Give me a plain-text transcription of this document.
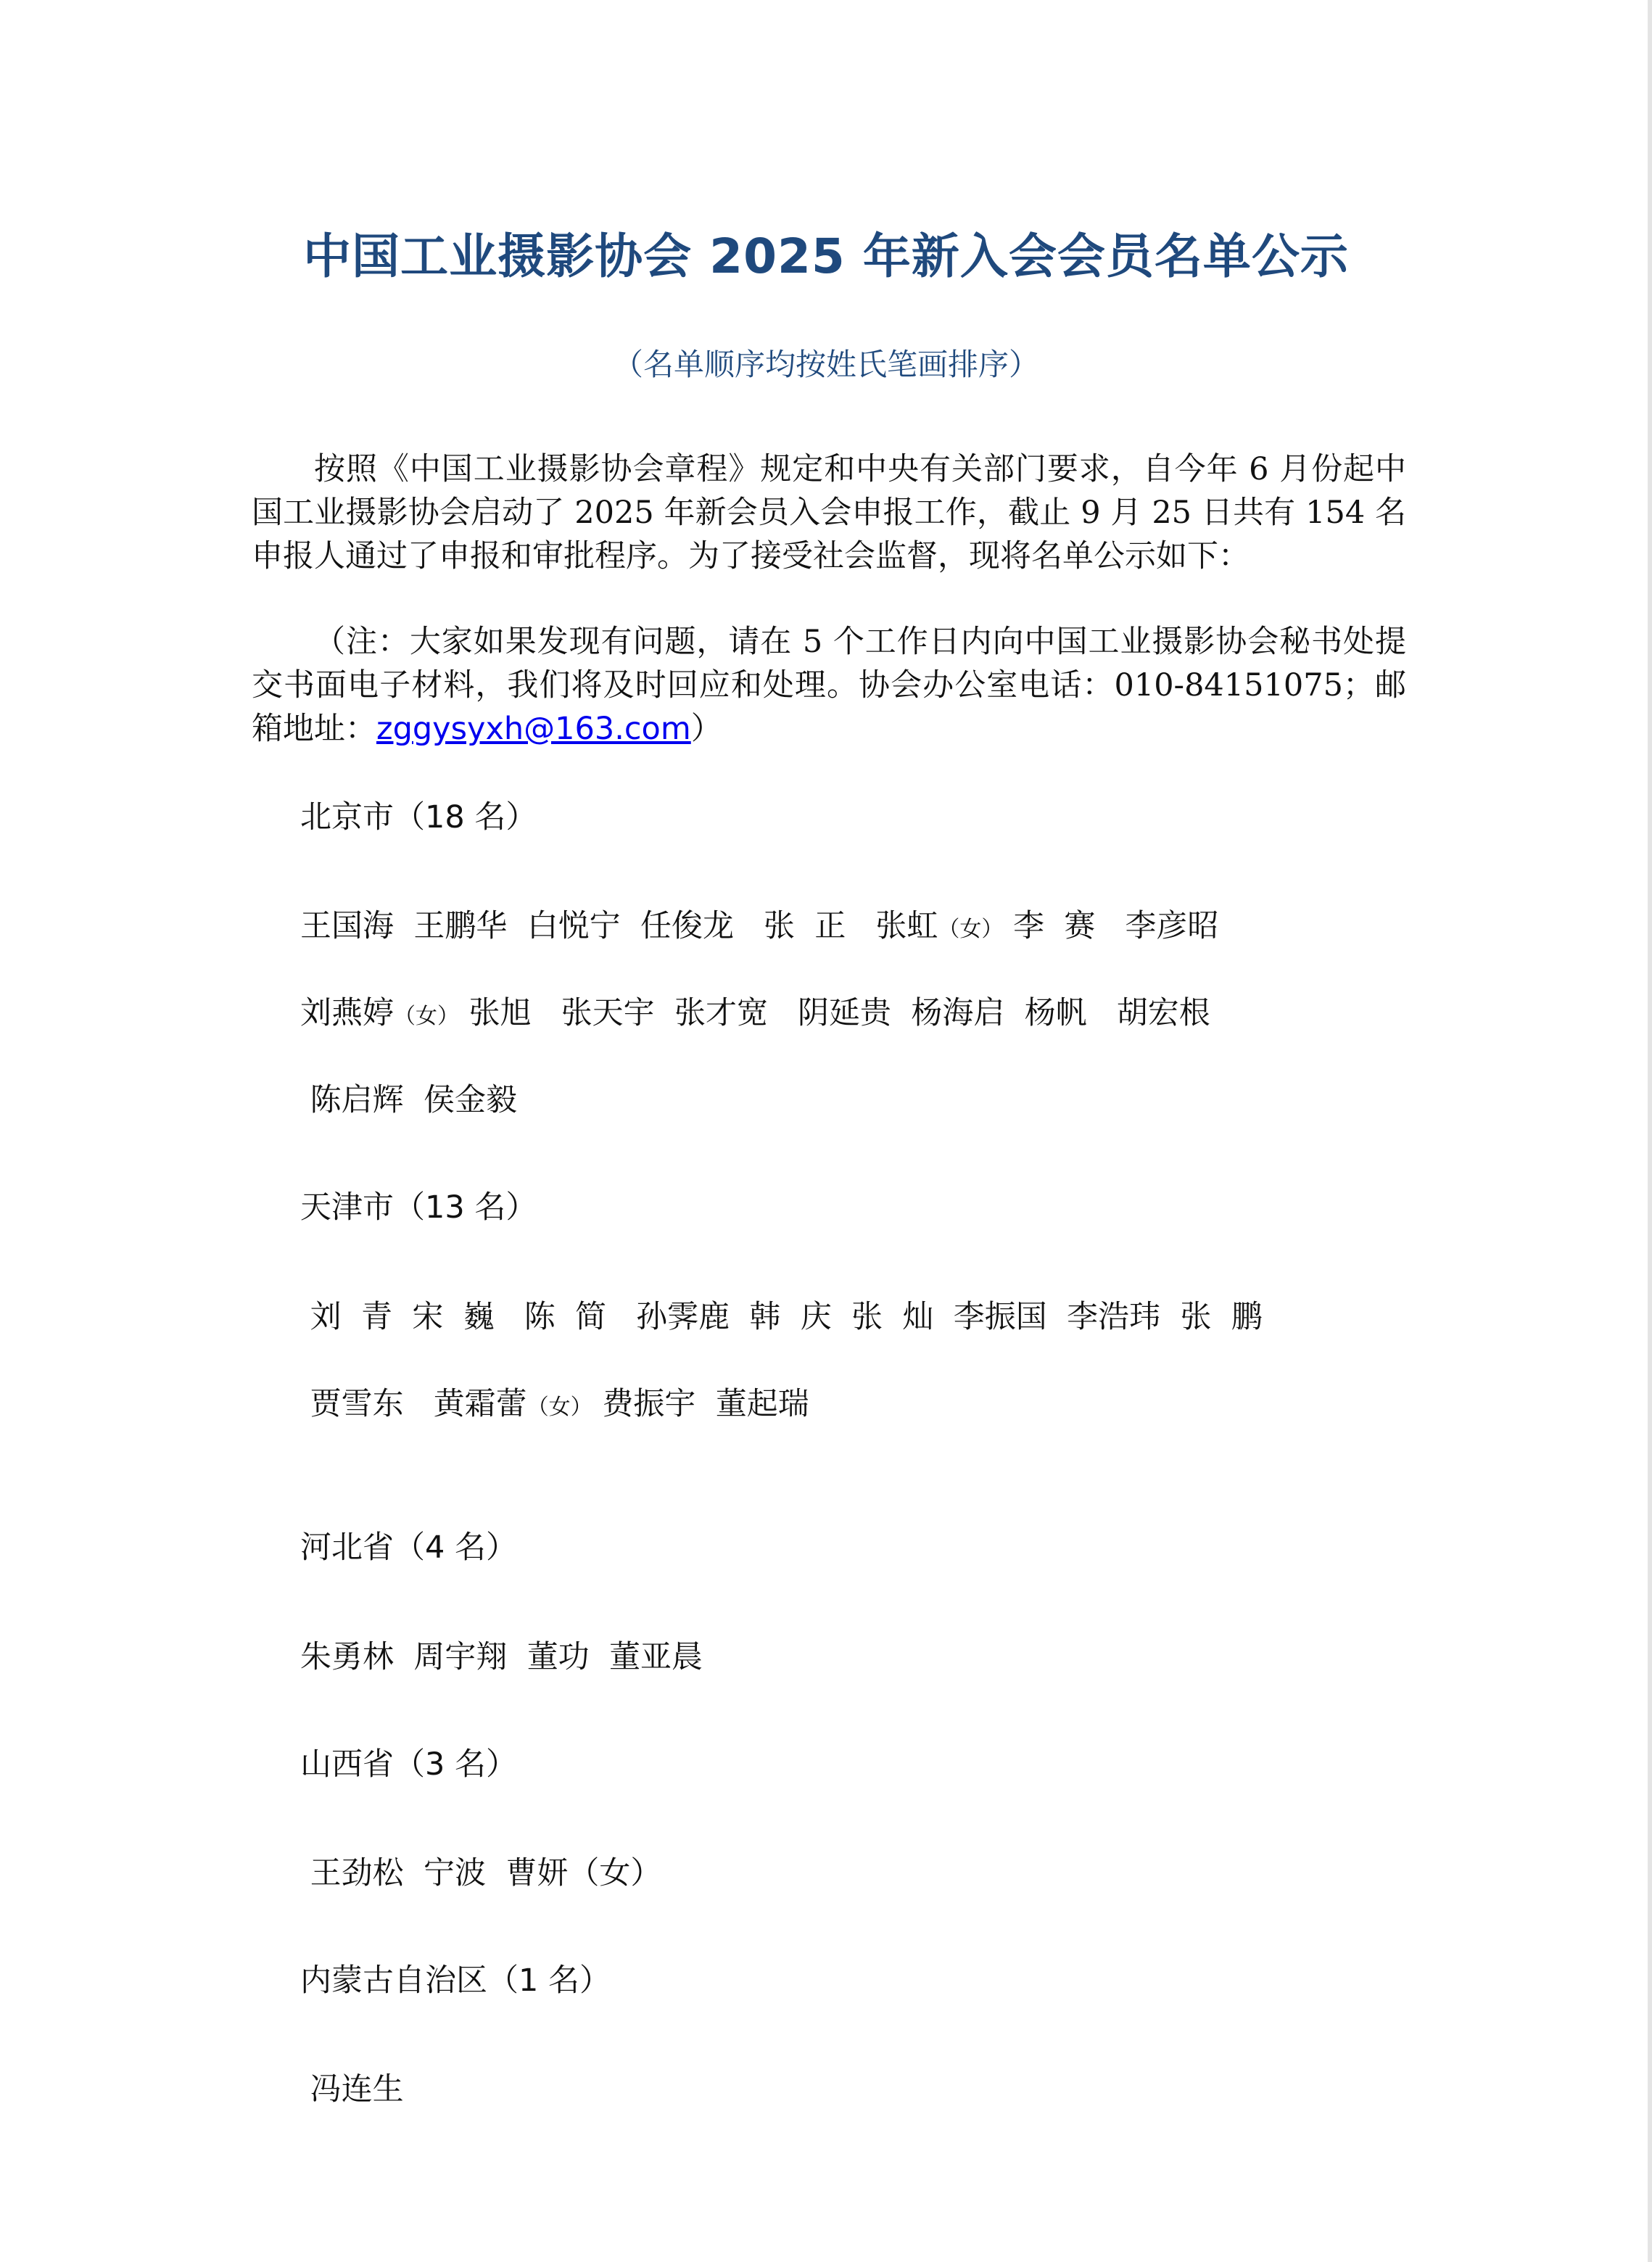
中国工业摄影协会 2025 年新入会会员名单公示
（名单顺序均按姓氏笔画排序）

按照《中国工业摄影协会章程》规定和中央有关部门要求，自今年 6 月份起中国工业摄影协会启动了 2025 年新会员入会申报工作，截止 9 月 25 日共有 154 名申报人通过了申报和审批程序。为了接受社会监督，现将名单公示如下：

（注：大家如果发现有问题，请在 5 个工作日内向中国工业摄影协会秘书处提交书面电子材料，我们将及时回应和处理。协会办公室电话：010-84151075；邮箱地址：zggysyxh@163.com）

北京市（18 名）
王国海 王鹏华 白悦宁 任俊龙 张  正 张虹（女） 李  赛 李彦昭
刘燕婷（女） 张旭 张天宇 张才宽 阴延贵 杨海启 杨帆 胡宏根
陈启辉 侯金毅
天津市（13 名）
刘  青 宋  巍 陈  简 孙霁鹿 韩  庆 张  灿 李振国 李浩玮 张  鹏
贾雪东 黄霜蕾（女） 费振宇 董起瑞
河北省（4 名）
朱勇林 周宇翔 董功 董亚晨
山西省（3 名）
王劲松 宁波 曹妍（女）
内蒙古自治区（1 名）
冯连生
